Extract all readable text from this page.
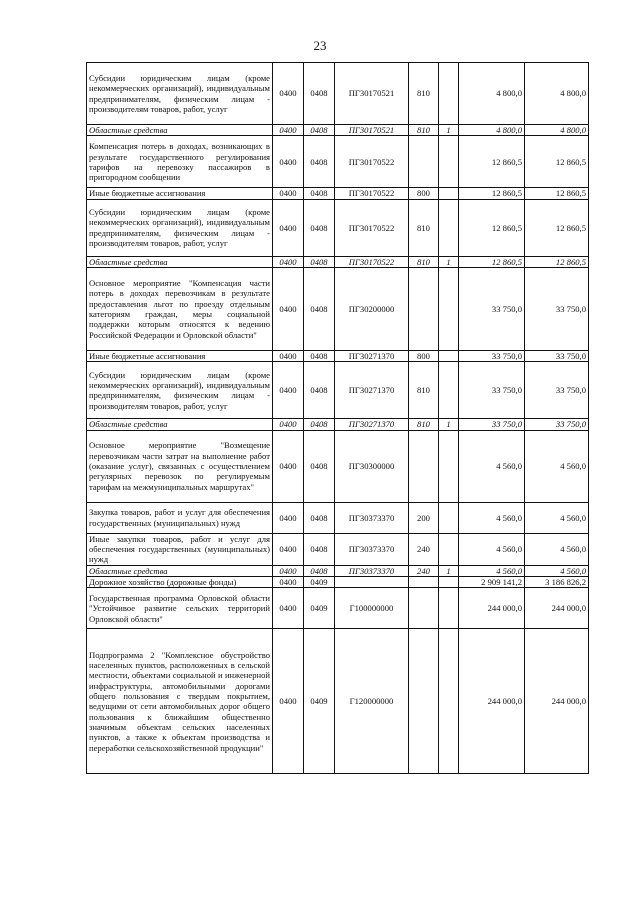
23
Субсидии юридическим лицам (кроме некоммерческих организаций), индивидуальным предпринимателям, физическим лицам - производителям товаров, работ, услуг	0400	0408	ПГ30170521	810		4 800,0	4 800,0
Областные средства	0400	0408	ПГ30170521	810	1	4 800,0	4 800,0
Компенсация потерь в доходах, возникающих в результате государственного регулирования тарифов на перевозку пассажиров в пригородном сообщении	0400	0408	ПГ30170522			12 860,5	12 860,5
Иные бюджетные ассигнования	0400	0408	ПГ30170522	800		12 860,5	12 860,5
Субсидии юридическим лицам (кроме некоммерческих организаций), индивидуальным предпринимателям, физическим лицам - производителям товаров, работ, услуг	0400	0408	ПГ30170522	810		12 860,5	12 860,5
Областные средства	0400	0408	ПГ30170522	810	1	12 860,5	12 860,5
Основное мероприятие "Компенсация части потерь в доходах перевозчикам в результате предоставления льгот по проезду отдельным категориям граждан, меры социальной поддержки которым относятся к ведению Российской Федерации и Орловской области"	0400	0408	ПГ30200000			33 750,0	33 750,0
Иные бюджетные ассигнования	0400	0408	ПГ30271370	800		33 750,0	33 750,0
Субсидии юридическим лицам (кроме некоммерческих организаций), индивидуальным предпринимателям, физическим лицам - производителям товаров, работ, услуг	0400	0408	ПГ30271370	810		33 750,0	33 750,0
Областные средства	0400	0408	ПГ30271370	810	1	33 750,0	33 750,0
Основное мероприятие "Возмещение перевозчикам части затрат на выполнение работ (оказание услуг), связанных с осуществлением регулярных перевозок по регулируемым тарифам на межмуниципальных маршрутах"	0400	0408	ПГ30300000			4 560,0	4 560,0
Закупка товаров, работ и услуг для обеспечения государственных (муниципальных) нужд	0400	0408	ПГ30373370	200		4 560,0	4 560,0
Иные закупки товаров, работ и услуг для обеспечения государственных (муниципальных) нужд	0400	0408	ПГ30373370	240		4 560,0	4 560,0
Областные средства	0400	0408	ПГ30373370	240	1	4 560,0	4 560,0
Дорожное хозяйство (дорожные фонды)	0400	0409				2 909 141,2	3 186 826,2
Государственная программа Орловской области "Устойчивое развитие сельских территорий Орловской области"	0400	0409	Г100000000			244 000,0	244 000,0
Подпрограмма 2 "Комплексное обустройство населенных пунктов, расположенных в сельской местности, объектами социальной и инженерной инфраструктуры, автомобильными дорогами общего пользования с твердым покрытием, ведущими от сети автомобильных дорог общего пользования к ближайшим общественно значимым объектам сельских населенных пунктов, а также к объектам производства и переработки сельскохозяйственной продукции"	0400	0409	Г120000000			244 000,0	244 000,0
